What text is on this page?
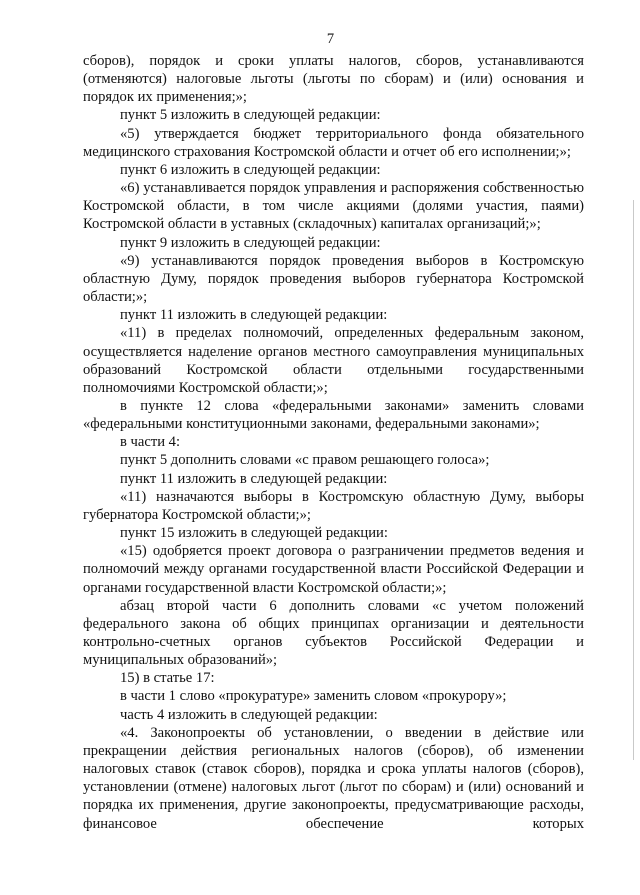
7

сборов), порядок и сроки уплаты налогов, сборов, устанавливаются (отменяются) налоговые льготы (льготы по сборам) и (или) основания и порядок их применения;»;

пункт 5 изложить в следующей редакции:

«5) утверждается бюджет территориального фонда обязательного медицинского страхования Костромской области и отчет об его исполнении;»;

пункт 6 изложить в следующей редакции:

«6) устанавливается порядок управления и распоряжения собственностью Костромской области, в том числе акциями (долями участия, паями) Костромской области в уставных (складочных) капиталах организаций;»;

пункт 9 изложить в следующей редакции:

«9) устанавливаются порядок проведения выборов в Костромскую областную Думу, порядок проведения выборов губернатора Костромской области;»;

пункт 11 изложить в следующей редакции:

«11) в пределах полномочий, определенных федеральным законом, осуществляется наделение органов местного самоуправления муниципальных образований Костромской области отдельными государственными полномочиями Костромской области;»;

в пункте 12 слова «федеральными законами» заменить словами «федеральными конституционными законами, федеральными законами»;

в части 4:

пункт 5 дополнить словами «с правом решающего голоса»;

пункт 11 изложить в следующей редакции:

«11) назначаются выборы в Костромскую областную Думу, выборы губернатора Костромской области;»;

пункт 15 изложить в следующей редакции:

«15) одобряется проект договора о разграничении предметов ведения и полномочий между органами государственной власти Российской Федерации и органами государственной власти Костромской области;»;

абзац второй части 6 дополнить словами «с учетом положений федерального закона об общих принципах организации и деятельности контрольно-счетных органов субъектов Российской Федерации и муниципальных образований»;

15) в статье 17:

в части 1 слово «прокуратуре» заменить словом «прокурору»;

часть 4 изложить в следующей редакции:

«4. Законопроекты об установлении, о введении в действие или прекращении действия региональных налогов (сборов), об изменении налоговых ставок (ставок сборов), порядка и срока уплаты налогов (сборов), установлении (отмене) налоговых льгот (льгот по сборам) и (или) оснований и порядка их применения, другие законопроекты, предусматривающие расходы, финансовое обеспечение которых
